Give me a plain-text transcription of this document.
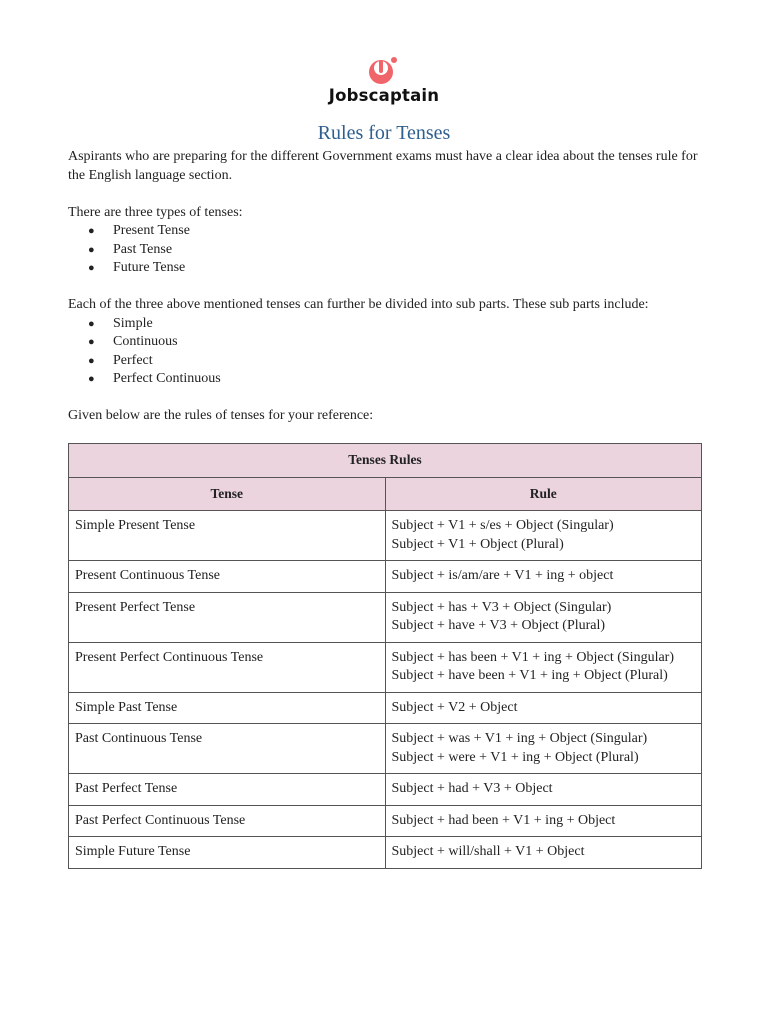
Jobscaptain
Rules for Tenses

Aspirants who are preparing for the different Government exams must have a clear idea about the tenses rule for the English language section.

There are three types of tenses:

● Present Tense
● Past Tense
● Future Tense

Each of the three above mentioned tenses can further be divided into sub parts. These sub parts include:

● Simple
● Continuous
● Perfect
● Perfect Continuous

Given below are the rules of tenses for your reference:

Tenses Rules	
Tense	Rule
Simple Present Tense	Subject + V1 + s/es + Object (Singular)
Subject + V1 + Object (Plural)

Present Continuous Tense	Subject + is/am/are + V1 + ing + object

Present Perfect Tense	Subject + has + V3 + Object (Singular)
Subject + have + V3 + Object (Plural)

Present Perfect Continuous Tense	Subject + has been + V1 + ing + Object (Singular)
Subject + have been + V1 + ing + Object (Plural)

Simple Past Tense	Subject + V2 + Object

Past Continuous Tense	Subject + was + V1 + ing + Object (Singular)
Subject + were + V1 + ing + Object (Plural)

Past Perfect Tense	Subject + had + V3 + Object

Past Perfect Continuous Tense	Subject + had been + V1 + ing + Object

Simple Future Tense	Subject + will/shall + V1 + Object
